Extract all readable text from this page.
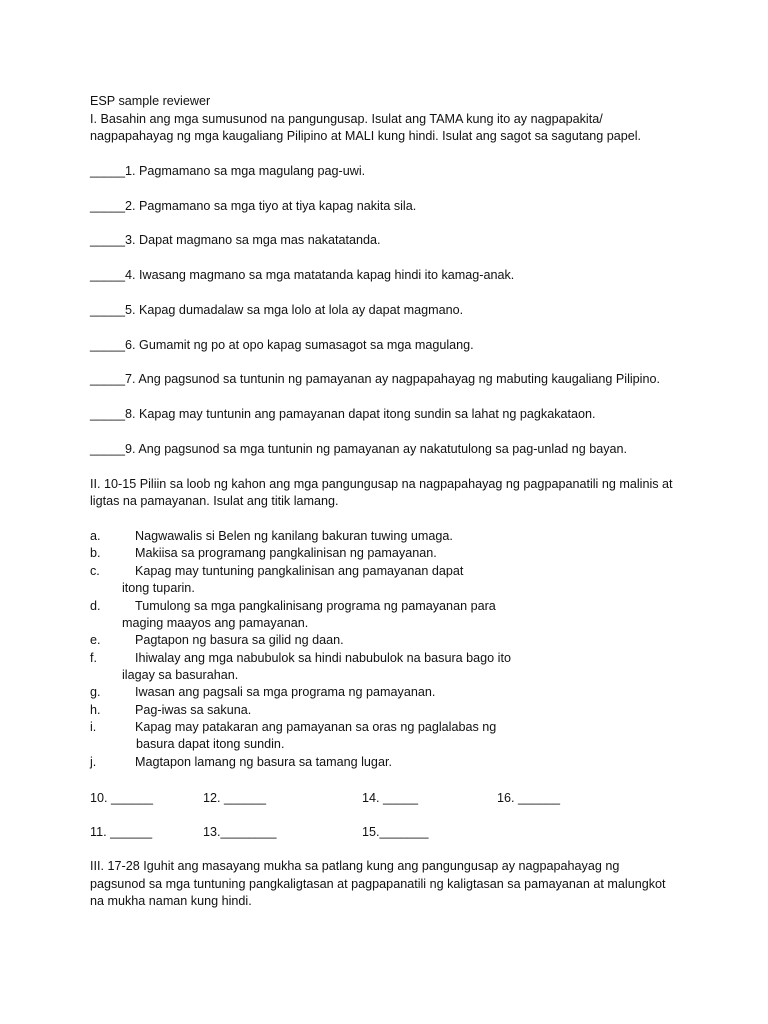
ESP sample reviewer
I. Basahin ang mga sumusunod na pangungusap. Isulat ang TAMA kung ito ay nagpapakita/
nagpapahayag ng mga kaugaliang Pilipino at MALI kung hindi. Isulat ang sagot sa sagutang papel.
_____1. Pagmamano sa mga magulang pag-uwi.
_____2. Pagmamano sa mga tiyo at tiya kapag nakita sila.
_____3. Dapat magmano sa mga mas nakatatanda.
_____4. Iwasang magmano sa mga matatanda kapag hindi ito kamag-anak.
_____5. Kapag dumadalaw sa mga lolo at lola ay dapat magmano.
_____6. Gumamit ng po at opo kapag sumasagot sa mga magulang.
_____7. Ang pagsunod sa tuntunin ng pamayanan ay nagpapahayag ng mabuting kaugaliang Pilipino.
_____8. Kapag may tuntunin ang pamayanan dapat itong sundin sa lahat ng pagkakataon.
_____9. Ang pagsunod sa mga tuntunin ng pamayanan ay nakatutulong sa pag-unlad ng bayan.
II. 10-15 Piliin sa loob ng kahon ang mga pangungusap na nagpapahayag ng pagpapanatili ng malinis at
ligtas na pamayanan. Isulat ang titik lamang.
a.	Nagwawalis si Belen ng kanilang bakuran tuwing umaga.
b.	Makiisa sa programang pangkalinisan ng pamayanan.
c.	Kapag may tuntuning pangkalinisan ang pamayanan dapat
itong tuparin.
d.	Tumulong sa mga pangkalinisang programa ng pamayanan para
maging maayos ang pamayanan.
e.	Pagtapon ng basura sa gilid ng daan.
f.	Ihiwalay ang mga nabubulok sa hindi nabubulok na basura bago ito
ilagay sa basurahan.
g.	Iwasan ang pagsali sa mga programa ng pamayanan.
h.	Pag-iwas sa sakuna.
i.	Kapag may patakaran ang pamayanan sa oras ng paglalabas ng
basura dapat itong sundin.
j.	Magtapon lamang ng basura sa tamang lugar.
10. ______	12. ______	14. _____	16. ______
11. ______	13.________	15._______
III. 17-28 Iguhit ang masayang mukha sa patlang kung ang pangungusap ay nagpapahayag ng
pagsunod sa mga tuntuning pangkaligtasan at pagpapanatili ng kaligtasan sa pamayanan at malungkot
na mukha naman kung hindi.
